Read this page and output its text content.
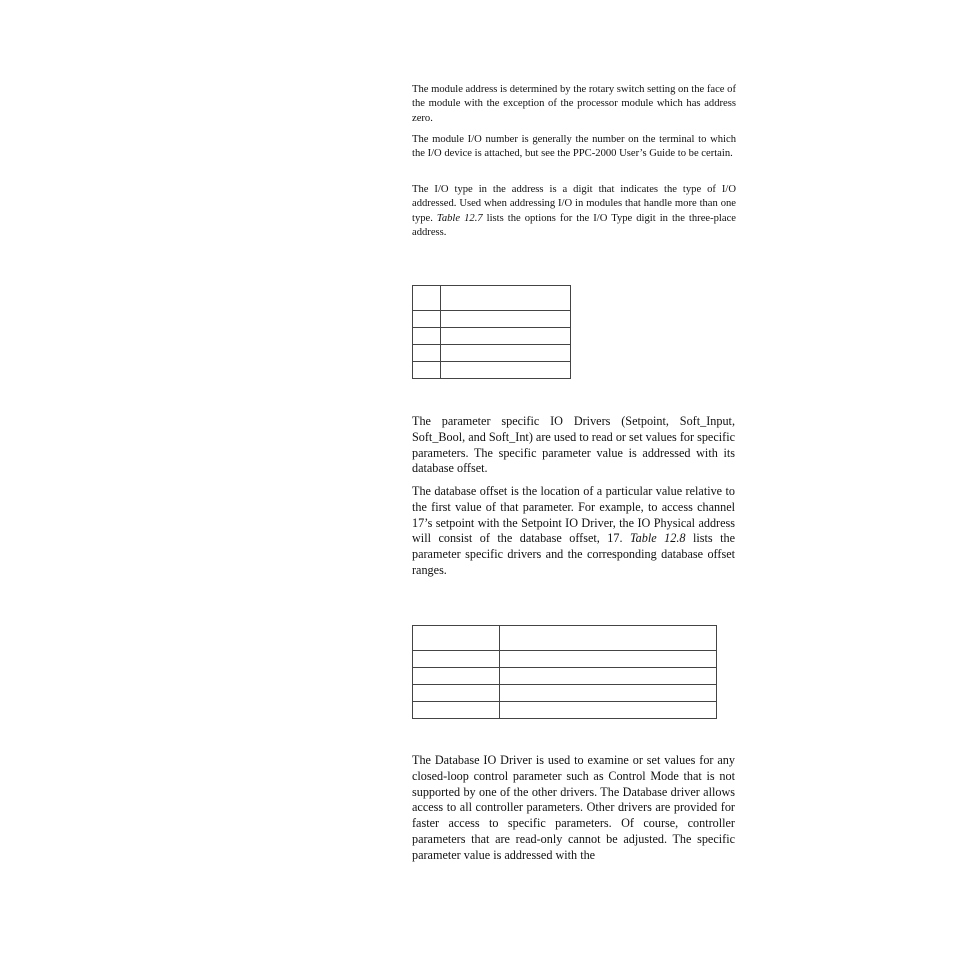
The module address is determined by the rotary switch setting on the face of the module with the exception of the processor module which has address zero.

The module I/O number is generally the number on the terminal to which the I/O device is attached, but see the PPC-2000 User’s Guide to be certain.

The I/O type in the address is a digit that indicates the type of I/O addressed. Used when addressing I/O in modules that handle more than one type. Table 12.7 lists the options for the I/O Type digit in the three-place address.

The parameter specific IO Drivers (Setpoint, Soft_Input, Soft_Bool, and Soft_Int) are used to read or set values for specific parameters. The specific parameter value is addressed with its database offset.

The database offset is the location of a particular value relative to the first value of that parameter. For example, to access channel 17’s setpoint with the Setpoint IO Driver, the IO Physical address will consist of the database offset, 17. Table 12.8 lists the parameter specific drivers and the corresponding database offset ranges.

The Database IO Driver is used to examine or set values for any closed-loop control parameter such as Control Mode that is not supported by one of the other drivers. The Database driver allows access to all controller parameters. Other drivers are provided for faster access to specific parameters. Of course, controller parameters that are read-only cannot be adjusted. The specific parameter value is addressed with the
